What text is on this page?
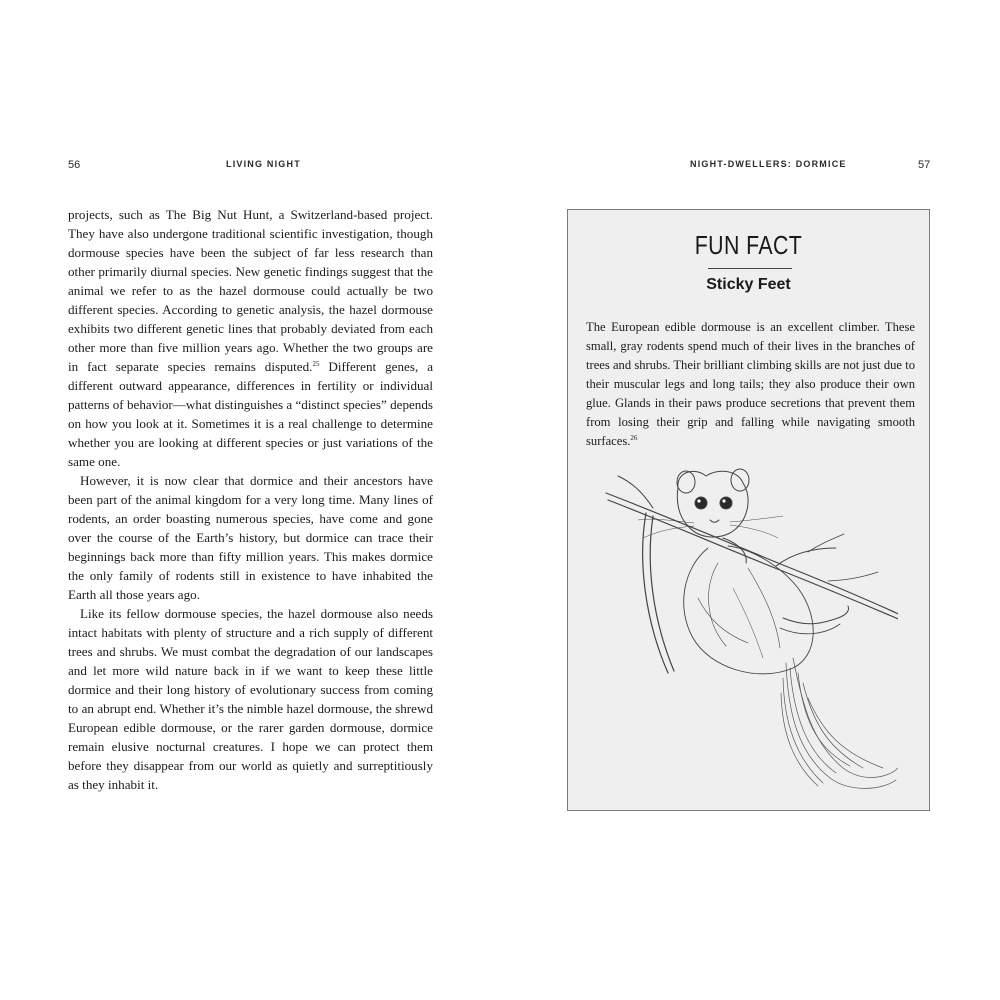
56	LIVING NIGHT

projects, such as The Big Nut Hunt, a Switzerland-based project. They have also undergone traditional scientific investigation, though dormouse species have been the subject of far less research than other primarily diurnal species. New genetic findings suggest that the animal we refer to as the hazel dormouse could actually be two different species. According to genetic analysis, the hazel dormouse exhibits two different genetic lines that probably deviated from each other more than five million years ago. Whether the two groups are in fact separate species remains disputed.$^{25}$ Different genes, a different outward appearance, differences in fertility or individual patterns of behavior—what distinguishes a “distinct species” depends on how you look at it. Sometimes it is a real challenge to determine whether you are looking at different species or just variations of the same one.

However, it is now clear that dormice and their ancestors have been part of the animal kingdom for a very long time. Many lines of rodents, an order boasting numerous species, have come and gone over the course of the Earth’s history, but dormice can trace their beginnings back more than fifty million years. This makes dormice the only family of rodents still in existence to have inhabited the Earth all those years ago.

Like its fellow dormouse species, the hazel dormouse also needs intact habitats with plenty of structure and a rich supply of different trees and shrubs. We must combat the degradation of our landscapes and let more wild nature back in if we want to keep these little dormice and their long history of evolutionary success from coming to an abrupt end. Whether it’s the nimble hazel dormouse, the shrewd European edible dormouse, or the rarer garden dormouse, dormice remain elusive nocturnal creatures. I hope we can protect them before they disappear from our world as quietly and surreptitiously as they inhabit it.

NIGHT-DWELLERS: DORMICE	57
FUN FACT
Sticky Feet

The European edible dormouse is an excellent climber. These small, gray rodents spend much of their lives in the branches of trees and shrubs. Their brilliant climbing skills are not just due to their muscular legs and long tails; they also produce their own glue. Glands in their paws produce secretions that prevent them from losing their grip and falling while navigating smooth surfaces.$^{26}$
